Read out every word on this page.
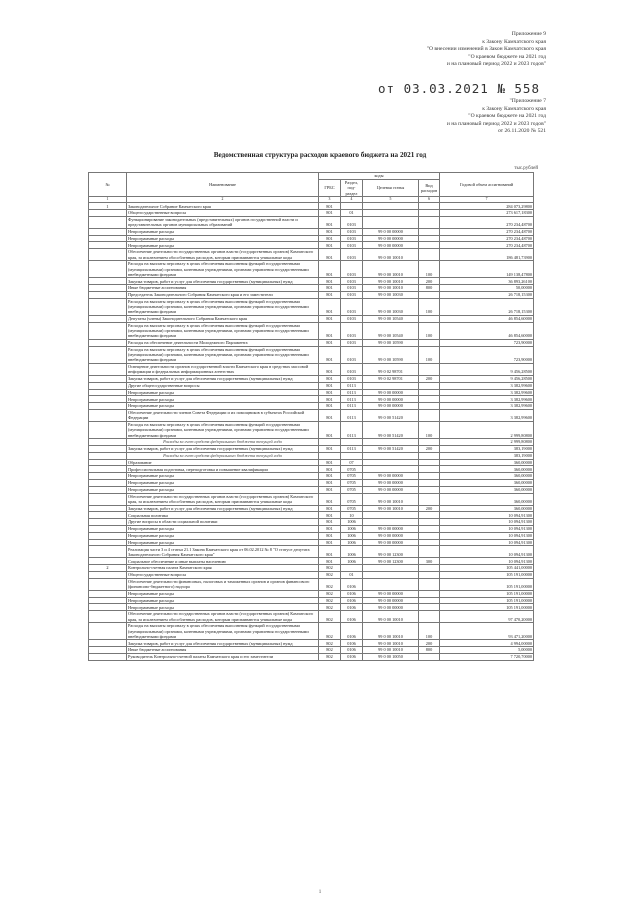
Приложение 9
к Закону Камчатского края
"О внесении изменений в Закон Камчатского края
"О краевом бюджете на 2021 год
и на плановый период 2022 и 2023 годов"
от 03.03.2021 № 558
"Приложение 7
к Закону Камчатского края
"О краевом бюджете на 2021 год
и на плановый период 2022 и 2023 годов"
от 26.11.2020 № 521
Ведомственная структура расходов краевого бюджета на 2021 год
тыс.рублей
№	Наименование	коды				Годовой объем ассигнований
		ГРБС	Раздел, под-раздел	Целевая статья	Вид расходов	
1	2	3	4	5	6	7
1	Законодательное Собрание Камчатского края	801				284 073,29800
	Общегосударственные вопросы	801	01			273 617,18300
	Функционирование законодательных (представительных) органов государственной власти и представительных органов муниципальных образований	801	0103			270 234,48700
	Непрограммные расходы	801	0103	99 0 00 00000		270 234,48700
	Непрограммные расходы	801	0103	99 0 00 00000		270 234,48700
	Непрограммные расходы	801	0103	99 0 00 00000		270 234,48700
	Обеспечение деятельности государственных органов власти (государственных органов) Камчатского края, за исключением обособленных расходов, которым присваиваются уникальные коды	801	0103	99 0 00 10010		186 481,73900
	Расходы на выплаты персоналу в целях обеспечения выполнения функций государственными (муниципальными) органами, казенными учреждениями, органами управления государственными внебюджетными фондами	801	0103	99 0 00 10010	100	149 138,47800
	Закупка товаров, работ и услуг для обеспечения государственных (муниципальных) нужд	801	0103	99 0 00 10010	200	36 893,26100
	Иные бюджетные ассигнования	801	0103	99 0 00 10010	800	50,00000
	Председатель Законодательного Собрания Камчатского края и его заместители	801	0103	99 0 00 10030		26 718,15300
	Расходы на выплаты персоналу в целях обеспечения выполнения функций государственными (муниципальными) органами, казенными учреждениями, органами управления государственными внебюджетными фондами	801	0103	99 0 00 10030	100	26 718,15300
	Депутаты (члены) Законодательного Собрания Камчатского края	801	0103	99 0 00 10540		46 854,60000
	Расходы на выплаты персоналу в целях обеспечения выполнения функций государственными (муниципальными) органами, казенными учреждениями, органами управления государственными внебюджетными фондами	801	0103	99 0 00 10540	100	46 854,60000
	Расходы на обеспечение деятельности Молодежного Парламента	801	0103	99 0 00 10590		723,90000
	Расходы на выплаты персоналу в целях обеспечения выполнения функций государственными (муниципальными) органами, казенными учреждениями, органами управления государственными внебюджетными фондами	801	0103	99 0 00 10590	100	723,90000
	Освещение деятельности органов государственной власти Камчатского края в средствах массовой информации и федеральных информационных агентствах	801	0103	99 0 02 98701		9 456,28500
	Закупка товаров, работ и услуг для обеспечения государственных (муниципальных) нужд	801	0103	99 0 02 98701	200	9 456,28500
	Другие общегосударственные вопросы	801	0113			3 382,99600
	Непрограммные расходы	801	0113	99 0 00 00000		3 382,99600
	Непрограммные расходы	801	0113	99 0 00 00000		3 382,99600
	Непрограммные расходы	801	0113	99 0 00 00000		3 382,99600
	Обеспечение деятельности членов Совета Федерации и их помощников в субъектах Российской Федерации	801	0113	99 0 00 51420		3 382,99600
	Расходы на выплаты персоналу в целях обеспечения выполнения функций государственными (муниципальными) органами, казенными учреждениями, органами управления государственными внебюджетными фондами	801	0113	99 0 00 51420	100	2 999,80800
	Расходы за счет средств федерального бюджета текущей года					2 999,80800
	Закупка товаров, работ и услуг для обеспечения государственных (муниципальных) нужд	801	0113	99 0 00 51420	200	383,19000
	Расходы за счет средств федерального бюджета текущей года					383,19000
	Образование	801	07			360,00000
	Профессиональная подготовка, переподготовка и повышение квалификации	801	0705			360,00000
	Непрограммные расходы	801	0705	99 0 00 00000		360,00000
	Непрограммные расходы	801	0705	99 0 00 00000		360,00000
	Непрограммные расходы	801	0705	99 0 00 00000		360,00000
	Обеспечение деятельности государственных органов власти (государственных органов) Камчатского края, за исключением обособленных расходов, которым присваиваются уникальные коды	801	0705	99 0 00 10010		360,00000
	Закупка товаров, работ и услуг для обеспечения государственных (муниципальных) нужд	801	0705	99 0 00 10010	200	360,00000
	Социальная политика	801	10			10 094,91300
	Другие вопросы в области социальной политики	801	1006			10 094,91300
	Непрограммные расходы	801	1006	99 0 00 00000		10 094,91300
	Непрограммные расходы	801	1006	99 0 00 00000		10 094,91300
	Непрограммные расходы	801	1006	99 0 00 00000		10 094,91300
	Реализация части 3 и 4 статьи 21.1 Закона Камчатского края от 06.02.2012 № 8 "О статусе депутата Законодательного Собрания Камчатского края"	801	1006	99 0 00 12300		10 094,91300
	Социальное обеспечение и иные выплаты населению	801	1006	99 0 00 12300	300	10 094,91300
2	Контрольно-счетная палата Камчатского края	802				105 441,00000
	Общегосударственные вопросы	802	01			105 191,00000
	Обеспечение деятельности финансовых, налоговых и таможенных органов и органов финансового (финансово-бюджетного) надзора	802	0106			105 191,00000
	Непрограммные расходы	802	0106	99 0 00 00000		105 191,00000
	Непрограммные расходы	802	0106	99 0 00 00000		105 191,00000
	Непрограммные расходы	802	0106	99 0 00 00000		105 191,00000
	Обеспечение деятельности государственных органов власти (государственных органов) Камчатского края, за исключением обособленных расходов, которым присваиваются уникальные коды	802	0106	99 0 00 10010		97 470,20000
	Расходы на выплаты персоналу в целях обеспечения выполнения функций государственными (муниципальными) органами, казенными учреждениями, органами управления государственными внебюджетными фондами	802	0106	99 0 00 10010	100	93 471,20000
	Закупка товаров, работ и услуг для обеспечения государственных (муниципальных) нужд	802	0106	99 0 00 10010	200	4 994,00000
	Иные бюджетные ассигнования	802	0106	99 0 00 10010	800	5,00000
	Руководитель Контрольно-счетной палаты Камчатского края и его заместители	802	0106	99 0 00 10050		7 720,70000
1
